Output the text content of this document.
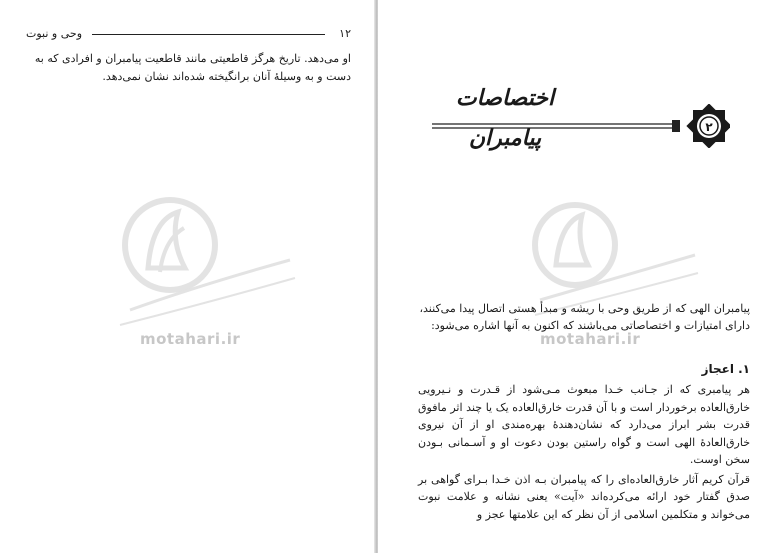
وحی و نبوت	۱۲
او می‌دهد. تاریخ هرگز قاطعیتی مانند قاطعیت پیامبران و افرادی که به دست و به وسیلهٔ آنان برانگیخته شده‌اند نشان نمی‌دهد.
motahari.ir
اختصاصات پیامبران	۲
motahari.ir
پیامبران الهی که از طریق وحی با ریشه و مبدأ هستی اتصال پیدا می‌کنند، دارای امتیازات و اختصاصاتی می‌باشند که اکنون به آنها اشاره می‌شود:
۱. اعجاز

هر پیامبری که از جـانب خـدا مبعوث مـی‌شود از قـدرت و نـیرویی خارق‌العاده برخوردار است و با آن قدرت خارق‌العاده یک یا چند اثر مافوق قدرت بشر ابراز می‌دارد که نشان‌دهندهٔ بهره‌مندی او از آن نیروی خارق‌العادهٔ الهی است و گواه راستین بودن دعوت او و آسـمانی بـودن سخن اوست.

قرآن کریم آثار خارق‌العاده‌ای را که پیامبران بـه اذن خـدا بـرای گواهی بر صدق گفتار خود ارائه می‌کرده‌اند «آیت» یعنی نشانه و علامت نبوت می‌خواند و متکلمین اسلامی از آن نظر که این علامتها عجز و
